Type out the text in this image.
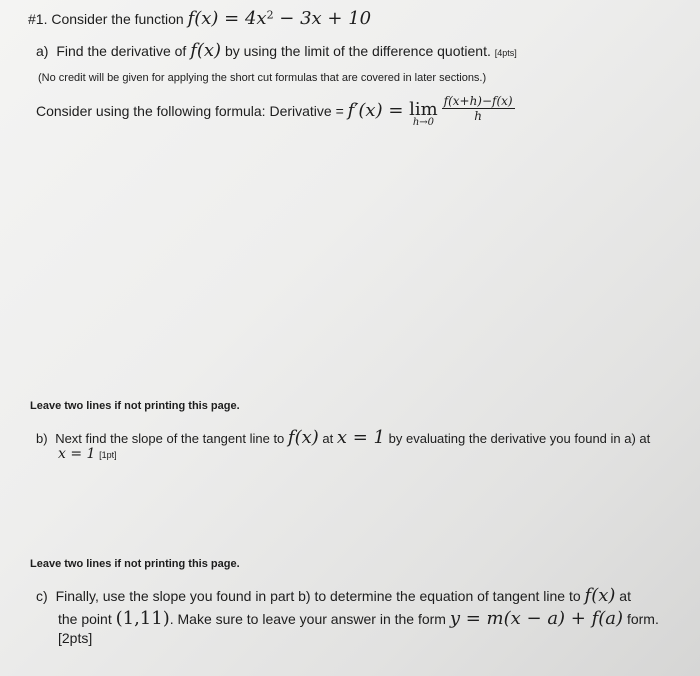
#1. Consider the function $f(x) = 4x^2 - 3x + 10$
a) Find the derivative of f(x) by using the limit of the difference quotient. [4pts]
(No credit will be given for applying the short cut formulas that are covered in later sections.)
Consider using the following formula: Derivative = f′(x) = lim
h→0
$\frac{f(x+h)-f(x)}{h}$
Leave two lines if not printing this page.
b) Next find the slope of the tangent line to f(x) at x = 1 by evaluating the derivative you found in a) at
x = 1 [1pt]
Leave two lines if not printing this page.
c) Finally, use the slope you found in part b) to determine the equation of tangent line to f(x) at
the point (1,11). Make sure to leave your answer in the form y = m(x − a) + f(a) form.
[2pts]
